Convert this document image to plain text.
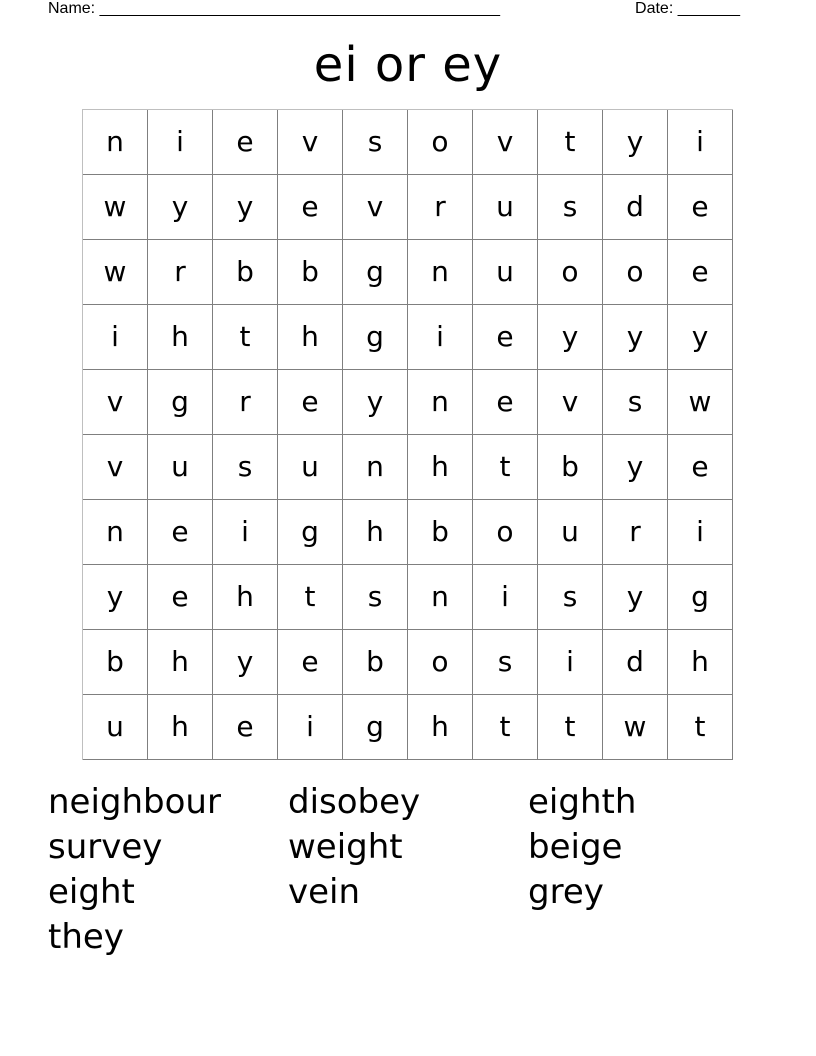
Name: _____________________________________________	Date: _______
ei or ey
n	i	e	v	s	o	v	t	y	i
w	y	y	e	v	r	u	s	d	e
w	r	b	b	g	n	u	o	o	e
i	h	t	h	g	i	e	y	y	y
v	g	r	e	y	n	e	v	s	w
v	u	s	u	n	h	t	b	y	e
n	e	i	g	h	b	o	u	r	i
y	e	h	t	s	n	i	s	y	g
b	h	y	e	b	o	s	i	d	h
u	h	e	i	g	h	t	t	w	t
neighbour	disobey	eighth
survey	weight	beige
eight	vein	grey
they
